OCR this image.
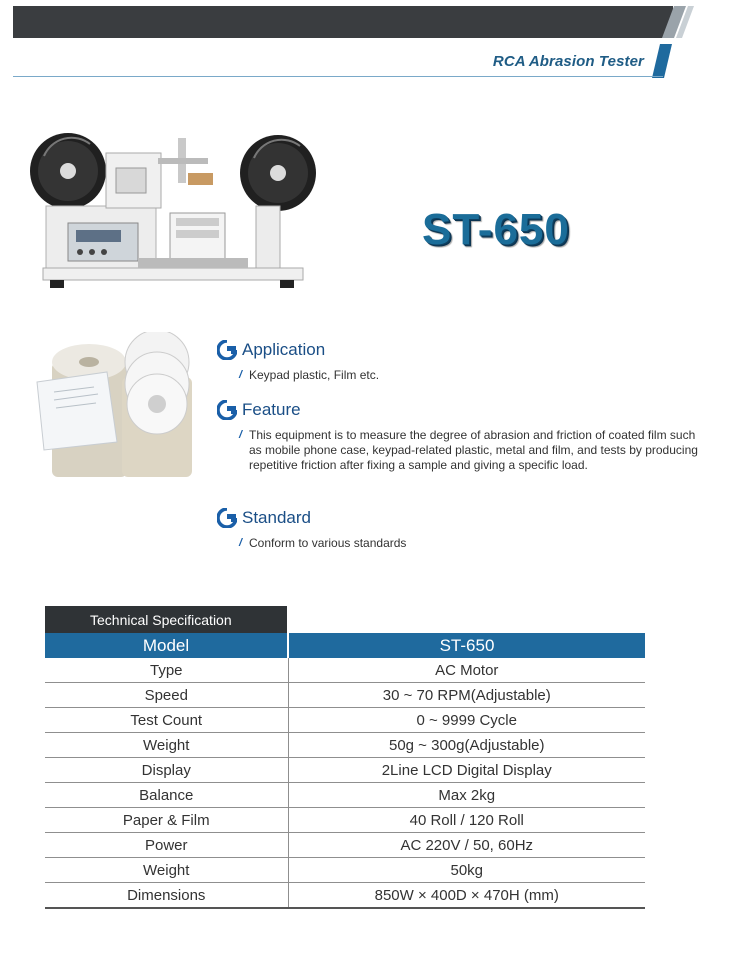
RCA Abrasion Tester
ST-650
Application
/ Keypad plastic, Film etc.
Feature
/ This equipment is to measure the degree of abrasion and friction of coated film such as mobile phone case, keypad-related plastic, metal and film, and tests by producing repetitive friction after fixing a sample and giving a specific load.
Standard
/ Conform to various standards
Technical Specification
Model	ST-650
Type	AC Motor
Speed	30 ~ 70 RPM(Adjustable)
Test Count	0 ~ 9999 Cycle
Weight	50g ~ 300g(Adjustable)
Display	2Line LCD Digital Display
Balance	Max 2kg
Paper & Film	40 Roll / 120 Roll
Power	AC 220V / 50, 60Hz
Weight	50kg
Dimensions	850W × 400D × 470H (mm)
